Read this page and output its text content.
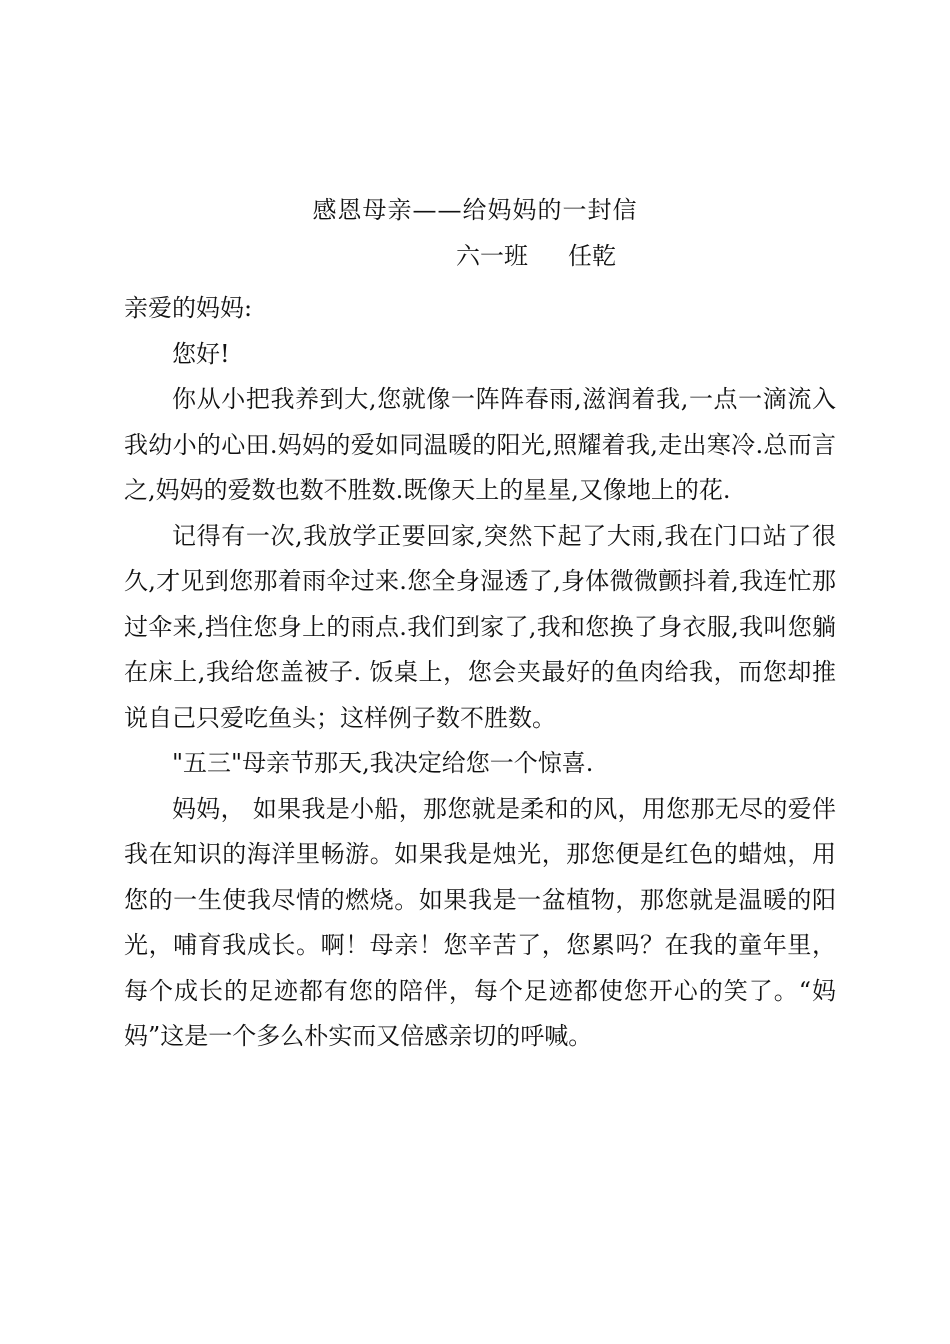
感恩母亲——给妈妈的一封信
六一班 任乾

亲爱的妈妈:

您好!

你从小把我养到大,您就像一阵阵春雨,滋润着我,一点一滴流入我幼小的心田.妈妈的爱如同温暖的阳光,照耀着我,走出寒冷.总而言之,妈妈的爱数也数不胜数.既像天上的星星,又像地上的花.

记得有一次,我放学正要回家,突然下起了大雨,我在门口站了很久,才见到您那着雨伞过来.您全身湿透了,身体微微颤抖着,我连忙那过伞来,挡住您身上的雨点.我们到家了,我和您换了身衣服,我叫您躺在床上,我给您盖被子. 饭桌上，您会夹最好的鱼肉给我，而您却推说自己只爱吃鱼头；这样例子数不胜数。

"五三"母亲节那天,我决定给您一个惊喜.

妈妈， 如果我是小船，那您就是柔和的风，用您那无尽的爱伴我在知识的海洋里畅游。如果我是烛光，那您便是红色的蜡烛，用您的一生使我尽情的燃烧。如果我是一盆植物，那您就是温暖的阳光，哺育我成长。啊！母亲！您辛苦了，您累吗？在我的童年里，每个成长的足迹都有您的陪伴，每个足迹都使您开心的笑了。“妈妈”这是一个多么朴实而又倍感亲切的呼喊。
